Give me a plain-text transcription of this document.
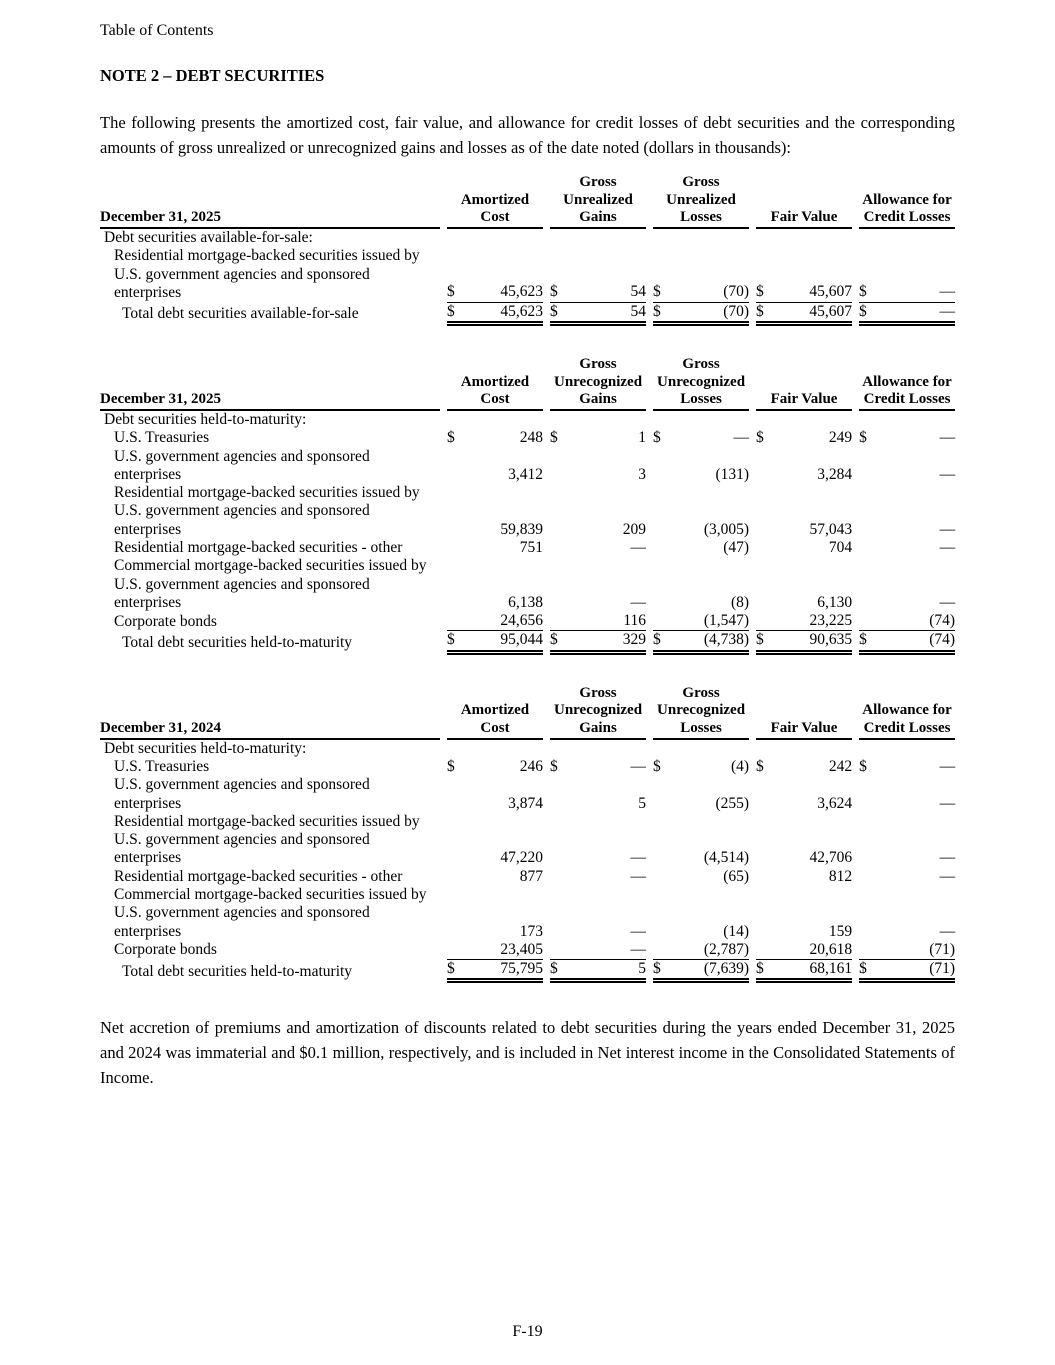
Table of Contents
NOTE 2 – DEBT SECURITIES

The following presents the amortized cost, fair value, and allowance for credit losses of debt securities and the corresponding amounts of gross unrealized or unrecognized gains and losses as of the date noted (dollars in thousands):

December 31, 2025		Amortized Cost			Gross Unrealized Gains			Gross Unrealized Losses			Fair Value			Allowance for Credit Losses	
Debt securities available-for-sale:															
Residential mortgage-backed securities issued by U.S. government agencies and sponsored enterprises		$	45,623		$	54		$	(70)		$	45,607		$	—
Total debt securities available-for-sale		$	45,623		$	54		$	(70)		$	45,607		$	—
December 31, 2025		Amortized Cost			Gross Unrecognized Gains			Gross Unrecognized Losses			Fair Value			Allowance for Credit Losses	
Debt securities held-to-maturity:															
U.S. Treasuries		$	248		$	1		$	—		$	249		$	—
U.S. government agencies and sponsored enterprises			3,412			3			(131)			3,284			—
Residential mortgage-backed securities issued by U.S. government agencies and sponsored enterprises			59,839			209			(3,005)			57,043			—
Residential mortgage-backed securities - other			751			—			(47)			704			—
Commercial mortgage-backed securities issued by U.S. government agencies and sponsored enterprises			6,138			—			(8)			6,130			—
Corporate bonds			24,656			116			(1,547)			23,225			(74)
Total debt securities held-to-maturity		$	95,044		$	329		$	(4,738)		$	90,635		$	(74)
December 31, 2024		Amortized Cost			Gross Unrecognized Gains			Gross Unrecognized Losses			Fair Value			Allowance for Credit Losses	
Debt securities held-to-maturity:															
U.S. Treasuries		$	246		$	—		$	(4)		$	242		$	—
U.S. government agencies and sponsored enterprises			3,874			5			(255)			3,624			—
Residential mortgage-backed securities issued by U.S. government agencies and sponsored enterprises			47,220			—			(4,514)			42,706			—
Residential mortgage-backed securities - other			877			—			(65)			812			—
Commercial mortgage-backed securities issued by U.S. government agencies and sponsored enterprises			173			—			(14)			159			—
Corporate bonds			23,405			—			(2,787)			20,618			(71)
Total debt securities held-to-maturity		$	75,795		$	5		$	(7,639)		$	68,161		$	(71)

Net accretion of premiums and amortization of discounts related to debt securities during the years ended December 31, 2025 and 2024 was immaterial and $0.1 million, respectively, and is included in Net interest income in the Consolidated Statements of Income.

F-19
